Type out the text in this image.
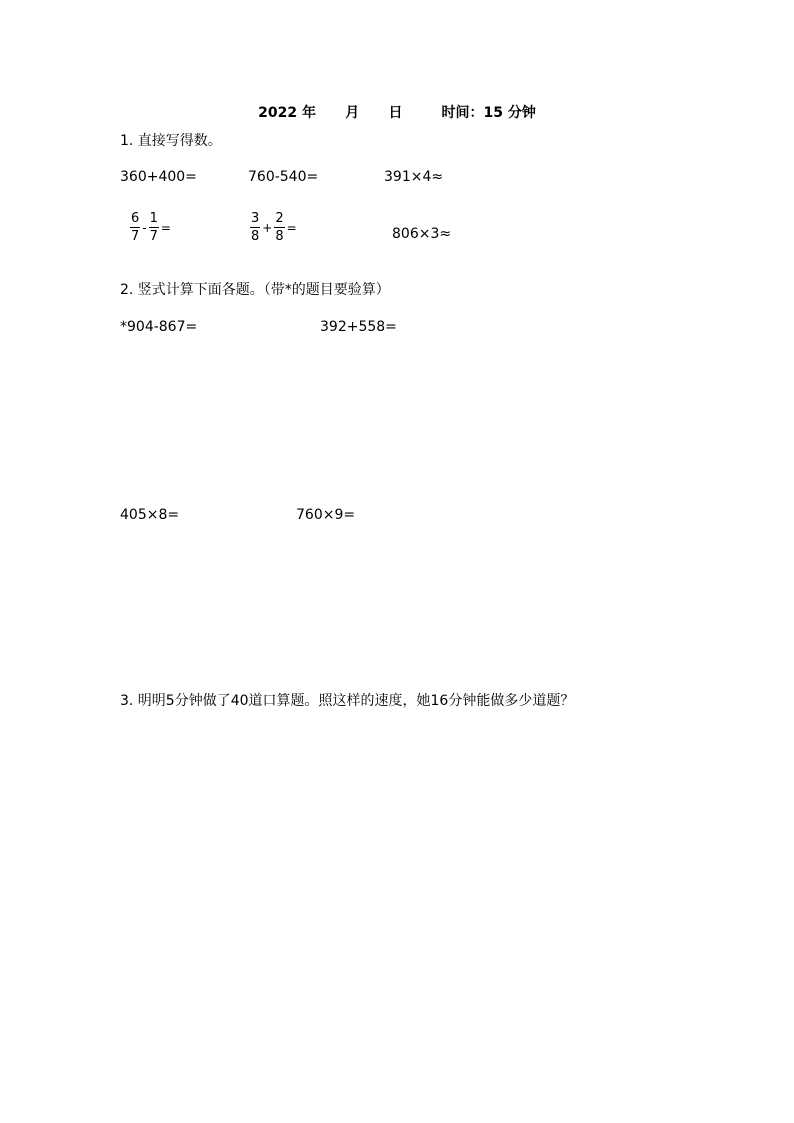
2022 年      月      日        时间：15 分钟
1. 直接写得数。
360+400=	760-540=	391×4≈
$\frac{6}{7} - \frac{1}{7}$ =	$\frac{3}{8} + \frac{2}{8}$ =	806×3≈
2. 竖式计算下面各题。（带*的题目要验算）
*904-867=	392+558=
405×8=	760×9=
3. 明明5分钟做了40道口算题。照这样的速度，她16分钟能做多少道题？
